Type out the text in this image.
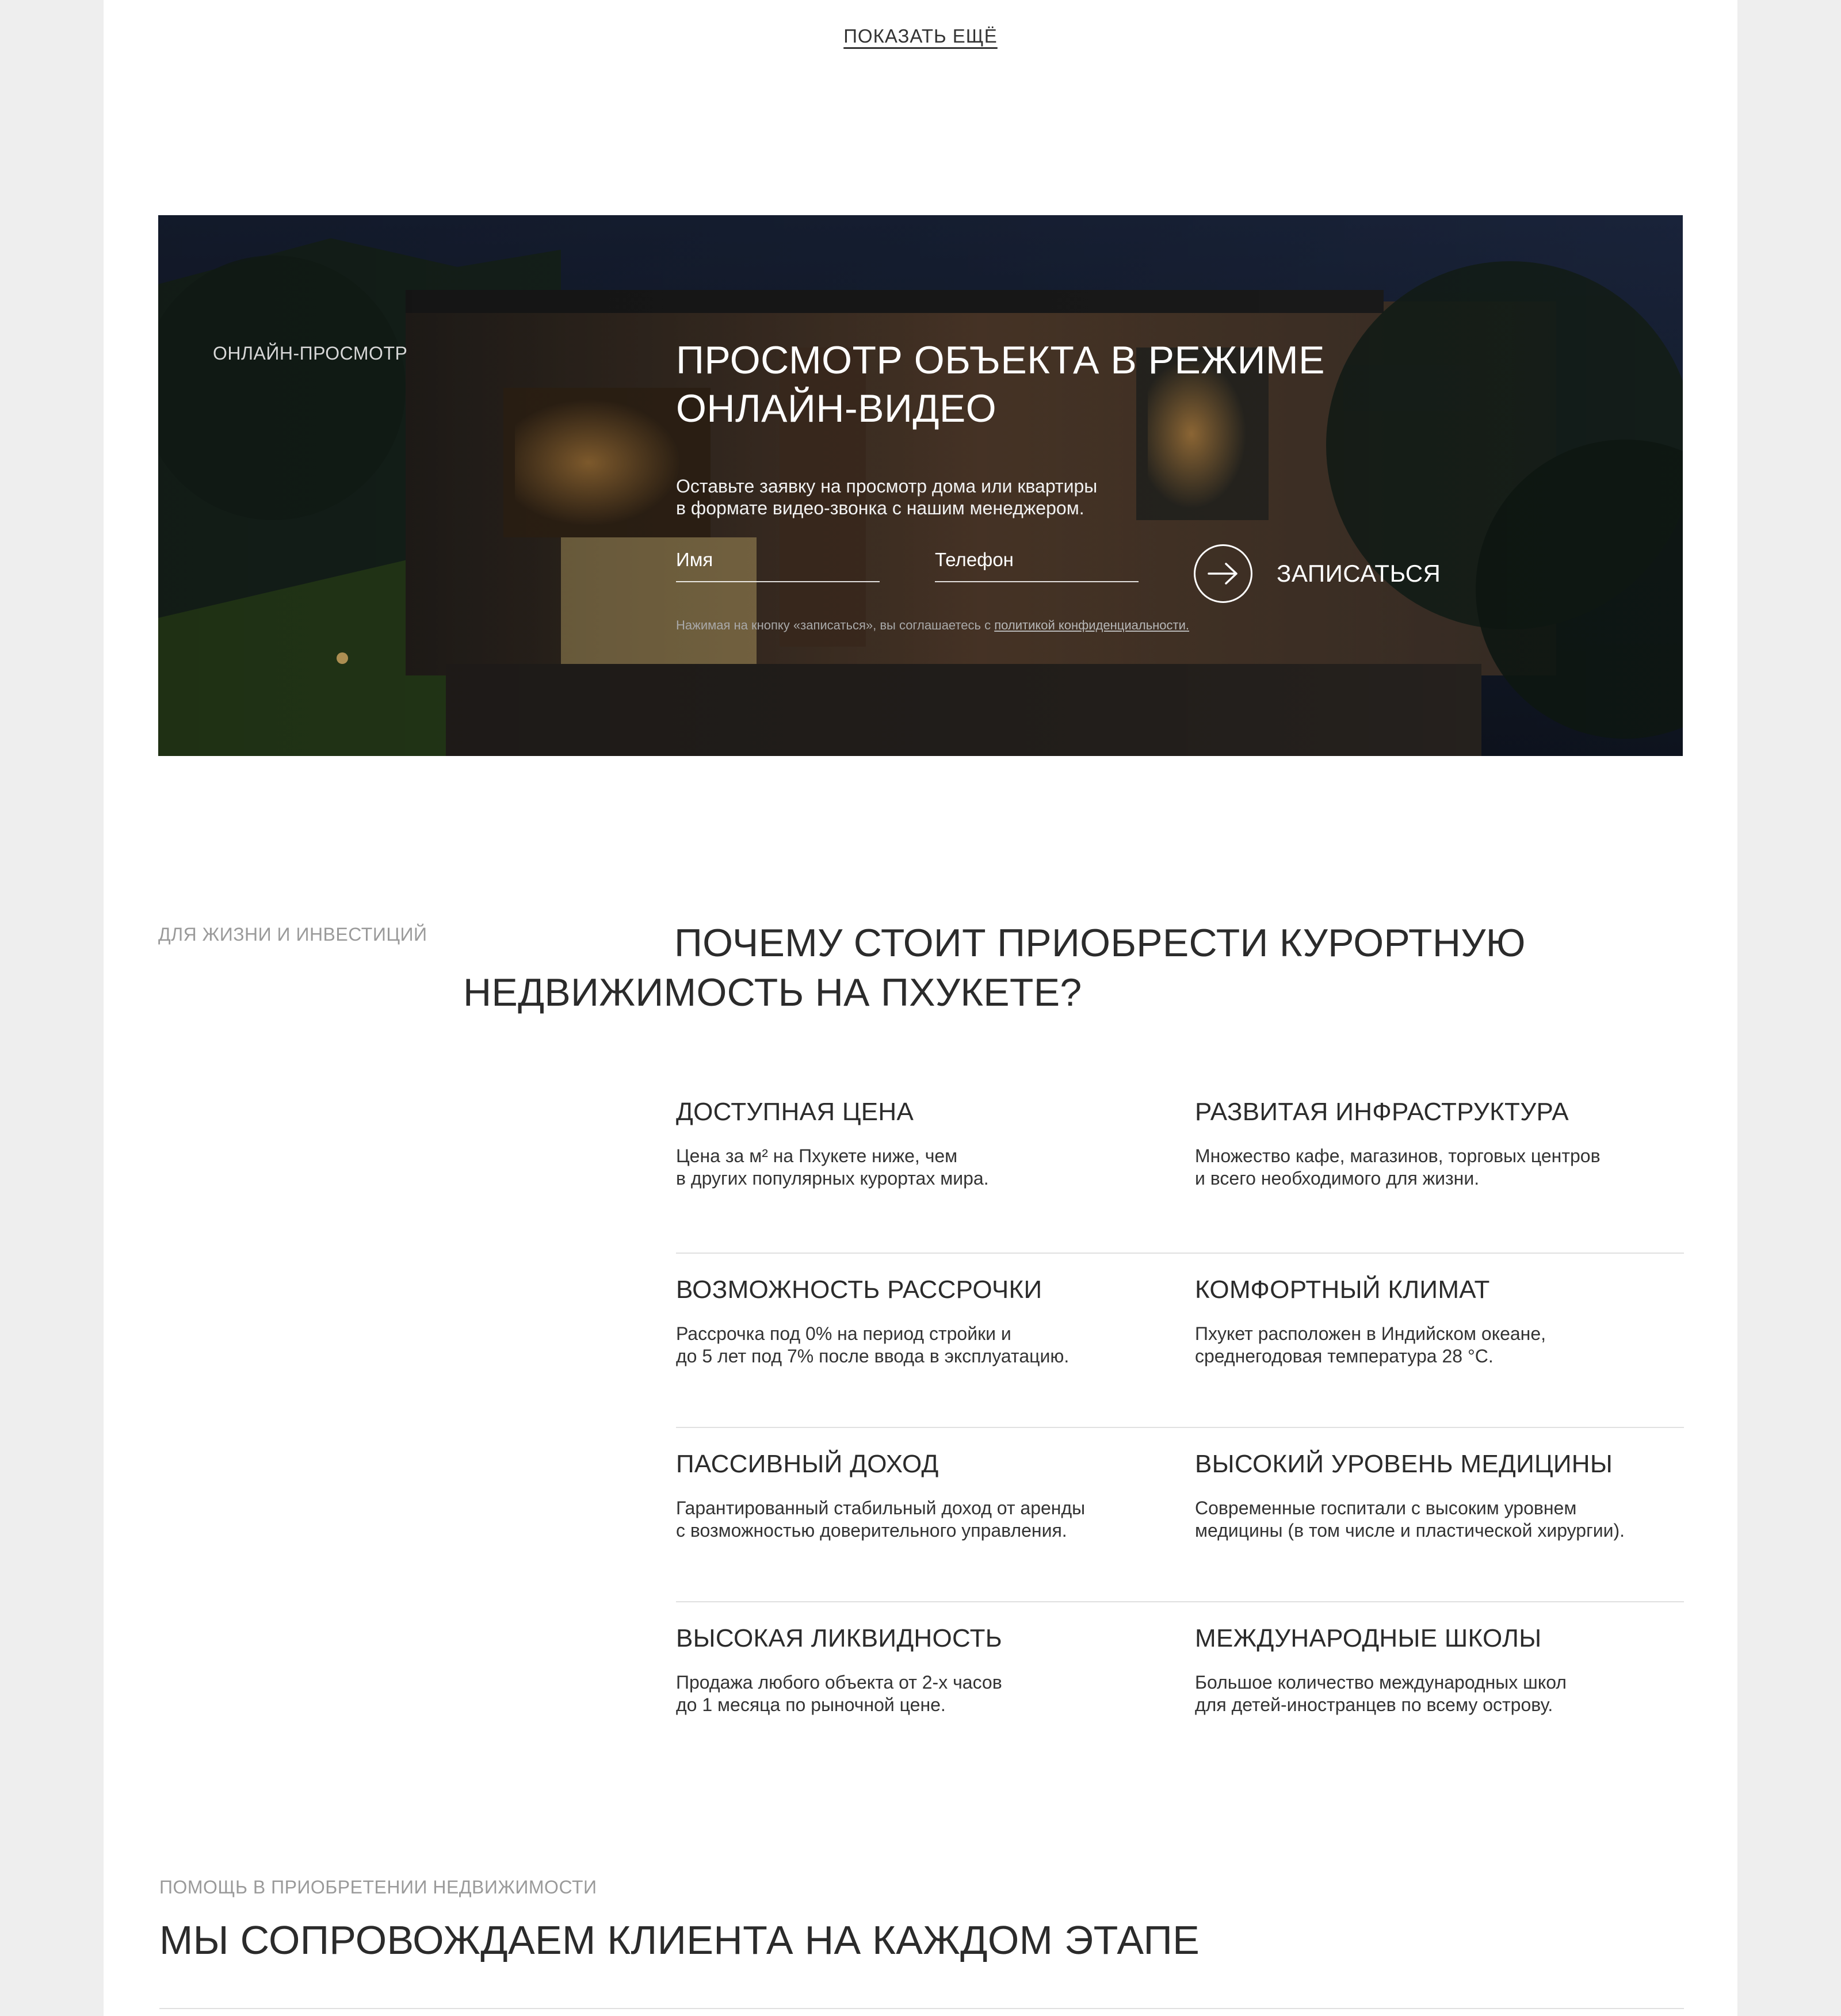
ПОКАЗАТЬ ЕЩЁ
ОНЛАЙН-ПРОСМОТР	ПРОСМОТР ОБЪЕКТА В РЕЖИМЕ
ОНЛАЙН-ВИДЕО
Оставьте заявку на просмотр дома или квартиры
в формате видео-звонка с нашим менеджером.
Имя
Телефон
ЗАПИСАТЬСЯ
Нажимая на кнопку «записаться», вы соглашаетесь с политикой конфиденциальности.
ДЛЯ ЖИЗНИ И ИНВЕСТИЦИЙ	ПОЧЕМУ СТОИТ ПРИОБРЕСТИ КУРОРТНУЮ НЕДВИЖИМОСТЬ НА ПХУКЕТЕ?
ДОСТУПНАЯ ЦЕНА

Цена за м² на Пхукете ниже, чем
в других популярных курортах мира.

РАЗВИТАЯ ИНФРАСТРУКТУРА

Множество кафе, магазинов, торговых центров
и всего необходимого для жизни.

ВОЗМОЖНОСТЬ РАССРОЧКИ

Рассрочка под 0% на период стройки и
до 5 лет под 7% после ввода в эксплуатацию.

КОМФОРТНЫЙ КЛИМАТ

Пхукет расположен в Индийском океане,
среднегодовая температура 28 °С.

ПАССИВНЫЙ ДОХОД

Гарантированный стабильный доход от аренды
с возможностью доверительного управления.

ВЫСОКИЙ УРОВЕНЬ МЕДИЦИНЫ

Современные госпитали с высоким уровнем
медицины (в том числе и пластической хирургии).

ВЫСОКАЯ ЛИКВИДНОСТЬ

Продажа любого объекта от 2-х часов
до 1 месяца по рыночной цене.

МЕЖДУНАРОДНЫЕ ШКОЛЫ

Большое количество международных школ
для детей-иностранцев по всему острову.

ПОМОЩЬ В ПРИОБРЕТЕНИИ НЕДВИЖИМОСТИ
МЫ СОПРОВОЖДАЕМ КЛИЕНТА НА КАЖДОМ ЭТАПЕ
